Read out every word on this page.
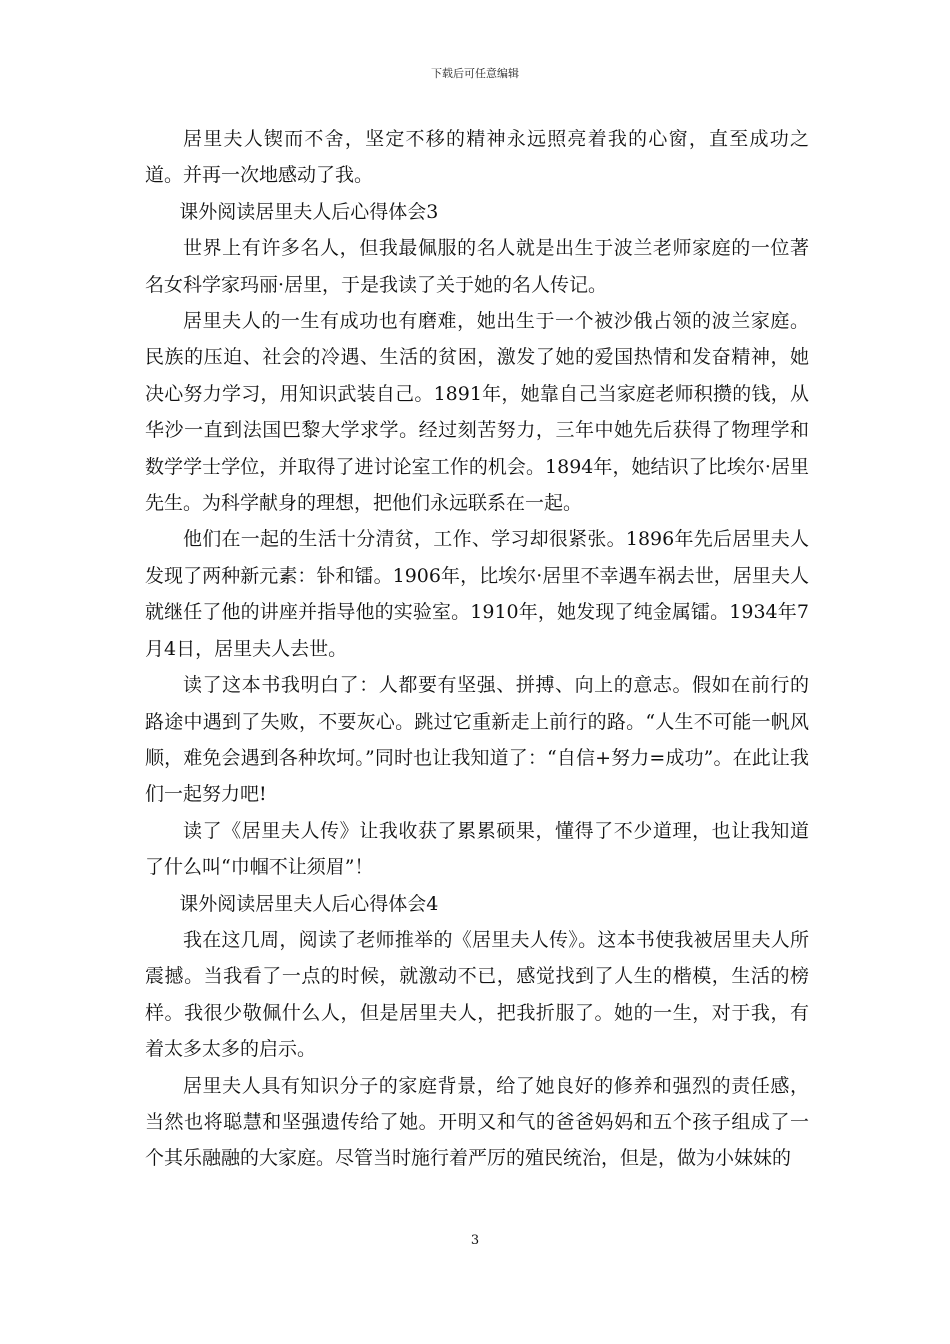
下载后可任意编辑

居里夫人锲而不舍，坚定不移的精神永远照亮着我的心窗，直至成功之道。并再一次地感动了我。

课外阅读居里夫人后心得体会3

世界上有许多名人，但我最佩服的名人就是出生于波兰老师家庭的一位著名女科学家玛丽·居里，于是我读了关于她的名人传记。

居里夫人的一生有成功也有磨难，她出生于一个被沙俄占领的波兰家庭。民族的压迫、社会的冷遇、生活的贫困，激发了她的爱国热情和发奋精神，她决心努力学习，用知识武装自己。1891年，她靠自己当家庭老师积攒的钱，从华沙一直到法国巴黎大学求学。经过刻苦努力，三年中她先后获得了物理学和数学学士学位，并取得了进讨论室工作的机会。1894年，她结识了比埃尔·居里先生。为科学献身的理想，把他们永远联系在一起。

他们在一起的生活十分清贫，工作、学习却很紧张。1896年先后居里夫人发现了两种新元素：钋和镭。1906年，比埃尔·居里不幸遇车祸去世，居里夫人就继任了他的讲座并指导他的实验室。1910年，她发现了纯金属镭。1934年7月4日，居里夫人去世。

读了这本书我明白了：人都要有坚强、拼搏、向上的意志。假如在前行的路途中遇到了失败，不要灰心。跳过它重新走上前行的路。“人生不可能一帆风顺，难免会遇到各种坎坷。”同时也让我知道了：“自信+努力=成功”。在此让我们一起努力吧!

读了《居里夫人传》让我收获了累累硕果，懂得了不少道理，也让我知道了什么叫“巾帼不让须眉”！

课外阅读居里夫人后心得体会4

我在这几周，阅读了老师推举的《居里夫人传》。这本书使我被居里夫人所震撼。当我看了一点的时候，就激动不已，感觉找到了人生的楷模，生活的榜样。我很少敬佩什么人，但是居里夫人，把我折服了。她的一生，对于我，有着太多太多的启示。

居里夫人具有知识分子的家庭背景，给了她良好的修养和强烈的责任感，当然也将聪慧和坚强遗传给了她。开明又和气的爸爸妈妈和五个孩子组成了一个其乐融融的大家庭。尽管当时施行着严厉的殖民统治，但是，做为小妹妹的

3
